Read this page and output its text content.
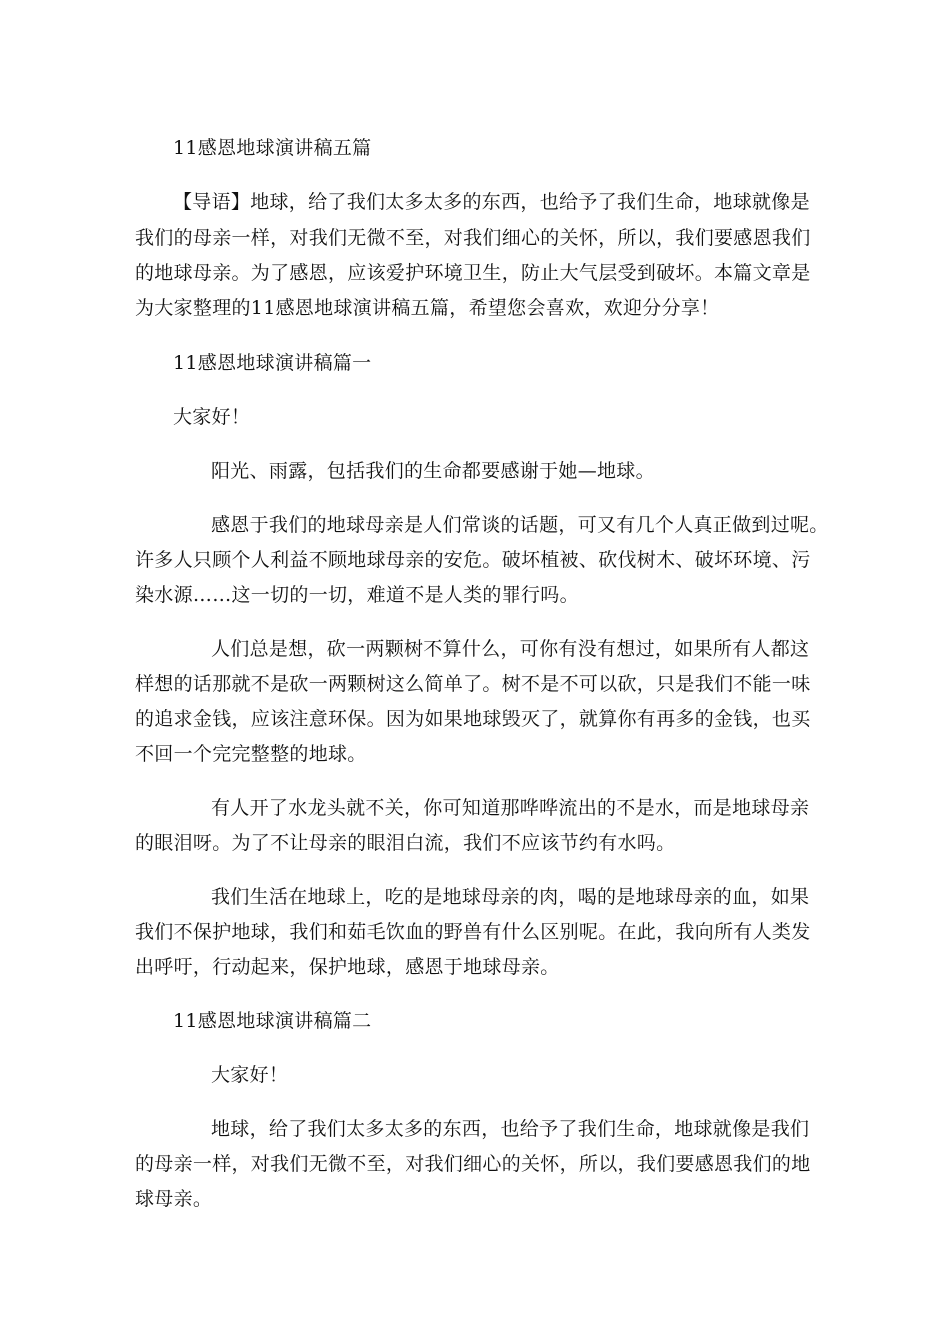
11感恩地球演讲稿五篇
【导语】地球，给了我们太多太多的东西，也给予了我们生命，地球就像是
我们的母亲一样，对我们无微不至，对我们细心的关怀，所以，我们要感恩我们
的地球母亲。为了感恩，应该爱护环境卫生，防止大气层受到破坏。本篇文章是
为大家整理的11感恩地球演讲稿五篇，希望您会喜欢，欢迎分分享！
11感恩地球演讲稿篇一
大家好！
阳光、雨露，包括我们的生命都要感谢于她—地球。
感恩于我们的地球母亲是人们常谈的话题，可又有几个人真正做到过呢。
许多人只顾个人利益不顾地球母亲的安危。破坏植被、砍伐树木、破坏环境、污
染水源……这一切的一切，难道不是人类的罪行吗。
人们总是想，砍一两颗树不算什么，可你有没有想过，如果所有人都这
样想的话那就不是砍一两颗树这么简单了。树不是不可以砍，只是我们不能一味
的追求金钱，应该注意环保。因为如果地球毁灭了，就算你有再多的金钱，也买
不回一个完完整整的地球。
有人开了水龙头就不关，你可知道那哗哗流出的不是水，而是地球母亲
的眼泪呀。为了不让母亲的眼泪白流，我们不应该节约有水吗。
我们生活在地球上，吃的是地球母亲的肉，喝的是地球母亲的血，如果
我们不保护地球，我们和茹毛饮血的野兽有什么区别呢。在此，我向所有人类发
出呼吁，行动起来，保护地球，感恩于地球母亲。
11感恩地球演讲稿篇二
大家好！
地球，给了我们太多太多的东西，也给予了我们生命，地球就像是我们
的母亲一样，对我们无微不至，对我们细心的关怀，所以，我们要感恩我们的地
球母亲。
